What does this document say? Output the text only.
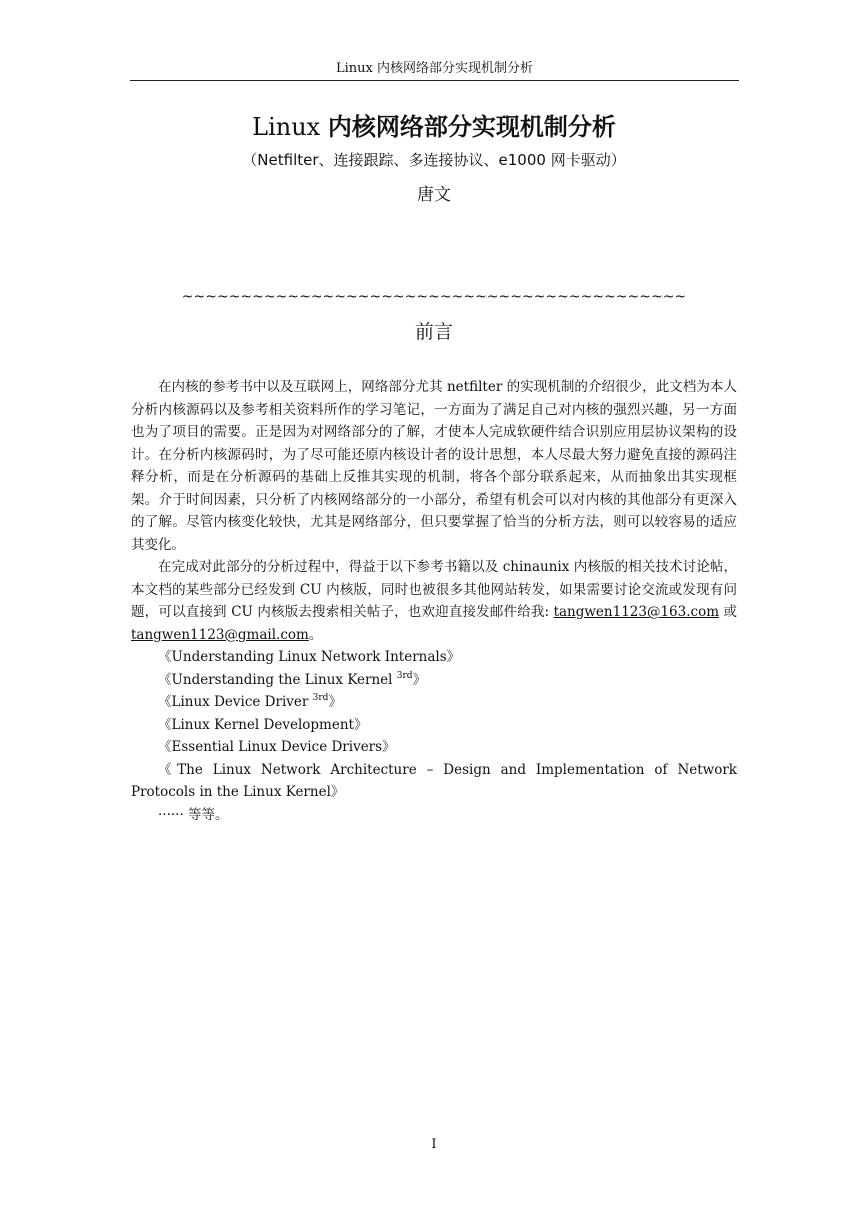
Linux 内核网络部分实现机制分析
Linux 内核网络部分实现机制分析
（Netfilter、连接跟踪、多连接协议、e1000 网卡驱动）
唐文
~~~~~~~~~~~~~~~~~~~~~~~~~~~~~~~~~~~~~~~~~~~
前言

在内核的参考书中以及互联网上，网络部分尤其 netfilter 的实现机制的介绍很少，此文档为本人分析内核源码以及参考相关资料所作的学习笔记，一方面为了满足自己对内核的强烈兴趣，另一方面也为了项目的需要。正是因为对网络部分的了解，才使本人完成软硬件结合识别应用层协议架构的设计。在分析内核源码时，为了尽可能还原内核设计者的设计思想，本人尽最大努力避免直接的源码注释分析，而是在分析源码的基础上反推其实现的机制，将各个部分联系起来，从而抽象出其实现框架。介于时间因素，只分析了内核网络部分的一小部分，希望有机会可以对内核的其他部分有更深入的了解。尽管内核变化较快，尤其是网络部分，但只要掌握了恰当的分析方法，则可以较容易的适应其变化。

在完成对此部分的分析过程中，得益于以下参考书籍以及 chinaunix 内核版的相关技术讨论帖，本文档的某些部分已经发到 CU 内核版，同时也被很多其他网站转发，如果需要讨论交流或发现有问题，可以直接到 CU 内核版去搜索相关帖子，也欢迎直接发邮件给我: tangwen1123@163.com 或 tangwen1123@gmail.com。

《Understanding Linux Network Internals》

《Understanding the Linux Kernel $^{3rd}$》

《Linux Device Driver $^{3rd}$》

《Linux Kernel Development》

《Essential Linux Device Drivers》

《The Linux Network Architecture – Design and Implementation of Network Protocols in the Linux Kernel》

······ 等等。

I
